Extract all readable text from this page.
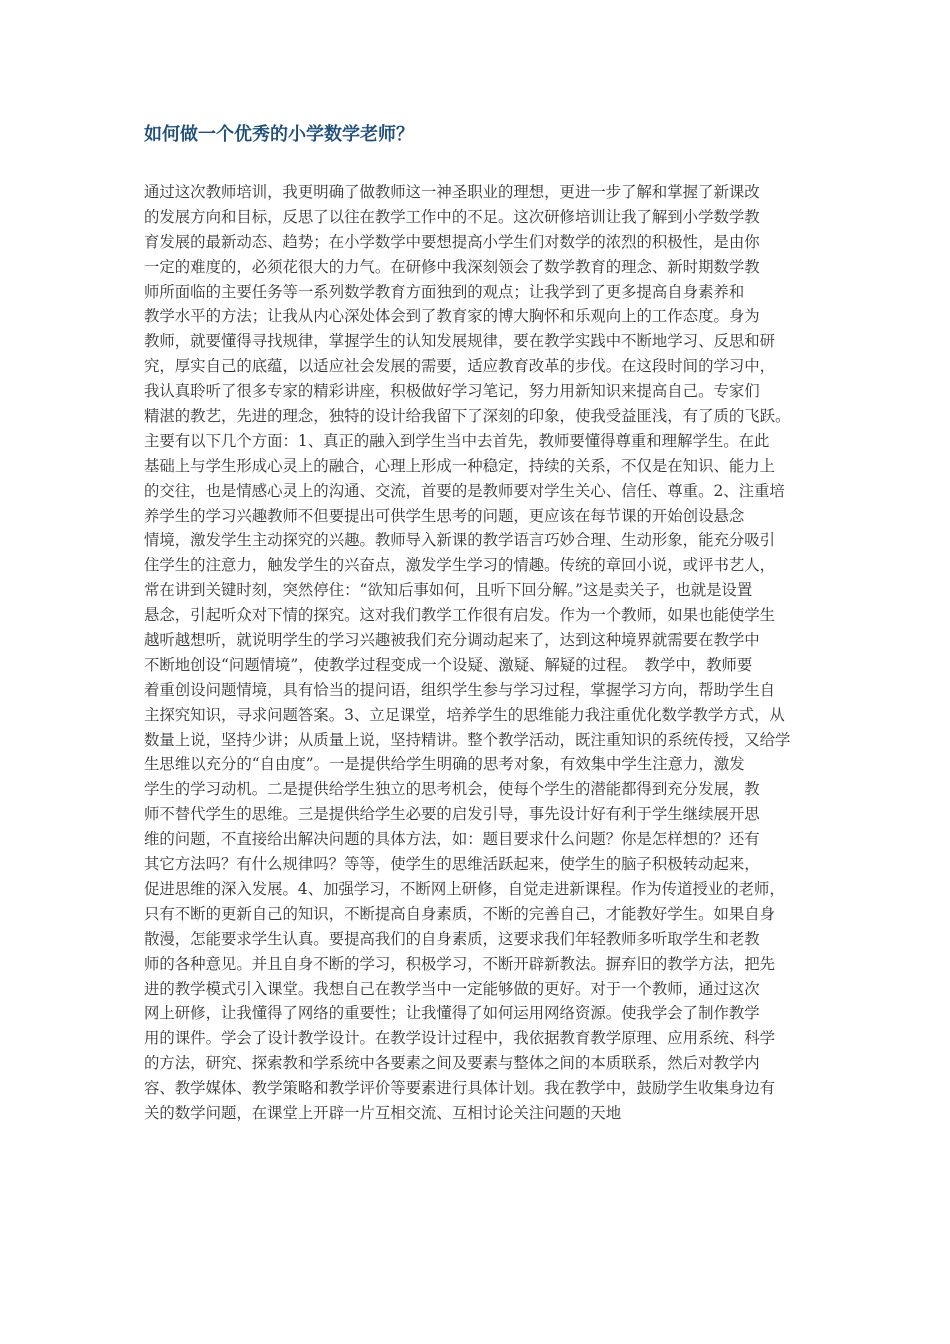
如何做一个优秀的小学数学老师？
通过这次教师培训，我更明确了做教师这一神圣职业的理想，更进一步了解和掌握了新课改
的发展方向和目标，反思了以往在教学工作中的不足。这次研修培训让我了解到小学数学教
育发展的最新动态、趋势；在小学数学中要想提高小学生们对数学的浓烈的积极性，是由你
一定的难度的，必须花很大的力气。在研修中我深刻领会了数学教育的理念、新时期数学教
师所面临的主要任务等一系列数学教育方面独到的观点；让我学到了更多提高自身素养和
教学水平的方法；让我从内心深处体会到了教育家的博大胸怀和乐观向上的工作态度。身为
教师，就要懂得寻找规律，掌握学生的认知发展规律，要在教学实践中不断地学习、反思和研
究，厚实自己的底蕴，以适应社会发展的需要，适应教育改革的步伐。在这段时间的学习中，
我认真聆听了很多专家的精彩讲座，积极做好学习笔记，努力用新知识来提高自己。专家们
精湛的教艺，先进的理念，独特的设计给我留下了深刻的印象，使我受益匪浅，有了质的飞跃。
主要有以下几个方面：1、真正的融入到学生当中去首先，教师要懂得尊重和理解学生。在此
基础上与学生形成心灵上的融合，心理上形成一种稳定，持续的关系，不仅是在知识、能力上
的交往，也是情感心灵上的沟通、交流，首要的是教师要对学生关心、信任、尊重。2、注重培
养学生的学习兴趣教师不但要提出可供学生思考的问题，更应该在每节课的开始创设悬念
情境，激发学生主动探究的兴趣。教师导入新课的教学语言巧妙合理、生动形象，能充分吸引
住学生的注意力，触发学生的兴奋点，激发学生学习的情趣。传统的章回小说，或评书艺人，
常在讲到关键时刻，突然停住：“欲知后事如何，且听下回分解。”这是卖关子，也就是设置
悬念，引起听众对下情的探究。这对我们教学工作很有启发。作为一个教师，如果也能使学生
越听越想听，就说明学生的学习兴趣被我们充分调动起来了，达到这种境界就需要在教学中
不断地创设“问题情境”，使教学过程变成一个设疑、激疑、解疑的过程。　教学中，教师要
着重创设问题情境，具有恰当的提问语，组织学生参与学习过程，掌握学习方向，帮助学生自
主探究知识，寻求问题答案。3、立足课堂，培养学生的思维能力我注重优化数学教学方式，从
数量上说，坚持少讲；从质量上说，坚持精讲。整个教学活动，既注重知识的系统传授，又给学
生思维以充分的“自由度”。一是提供给学生明确的思考对象，有效集中学生注意力，激发
学生的学习动机。二是提供给学生独立的思考机会，使每个学生的潜能都得到充分发展，教
师不替代学生的思维。三是提供给学生必要的启发引导，事先设计好有利于学生继续展开思
维的问题，不直接给出解决问题的具体方法，如：题目要求什么问题？你是怎样想的？还有
其它方法吗？有什么规律吗？等等，使学生的思维活跃起来，使学生的脑子积极转动起来，
促进思维的深入发展。4、加强学习，不断网上研修，自觉走进新课程。作为传道授业的老师，
只有不断的更新自己的知识，不断提高自身素质，不断的完善自己，才能教好学生。如果自身
散漫，怎能要求学生认真。要提高我们的自身素质，这要求我们年轻教师多听取学生和老教
师的各种意见。并且自身不断的学习，积极学习，不断开辟新教法。摒弃旧的教学方法，把先
进的教学模式引入课堂。我想自己在教学当中一定能够做的更好。对于一个教师，通过这次
网上研修，让我懂得了网络的重要性；让我懂得了如何运用网络资源。使我学会了制作教学
用的课件。学会了设计教学设计。在教学设计过程中，我依据教育教学原理、应用系统、科学
的方法，研究、探索教和学系统中各要素之间及要素与整体之间的本质联系，然后对教学内
容、教学媒体、教学策略和教学评价等要素进行具体计划。我在教学中，鼓励学生收集身边有
关的数学问题，在课堂上开辟一片互相交流、互相讨论关注问题的天地
